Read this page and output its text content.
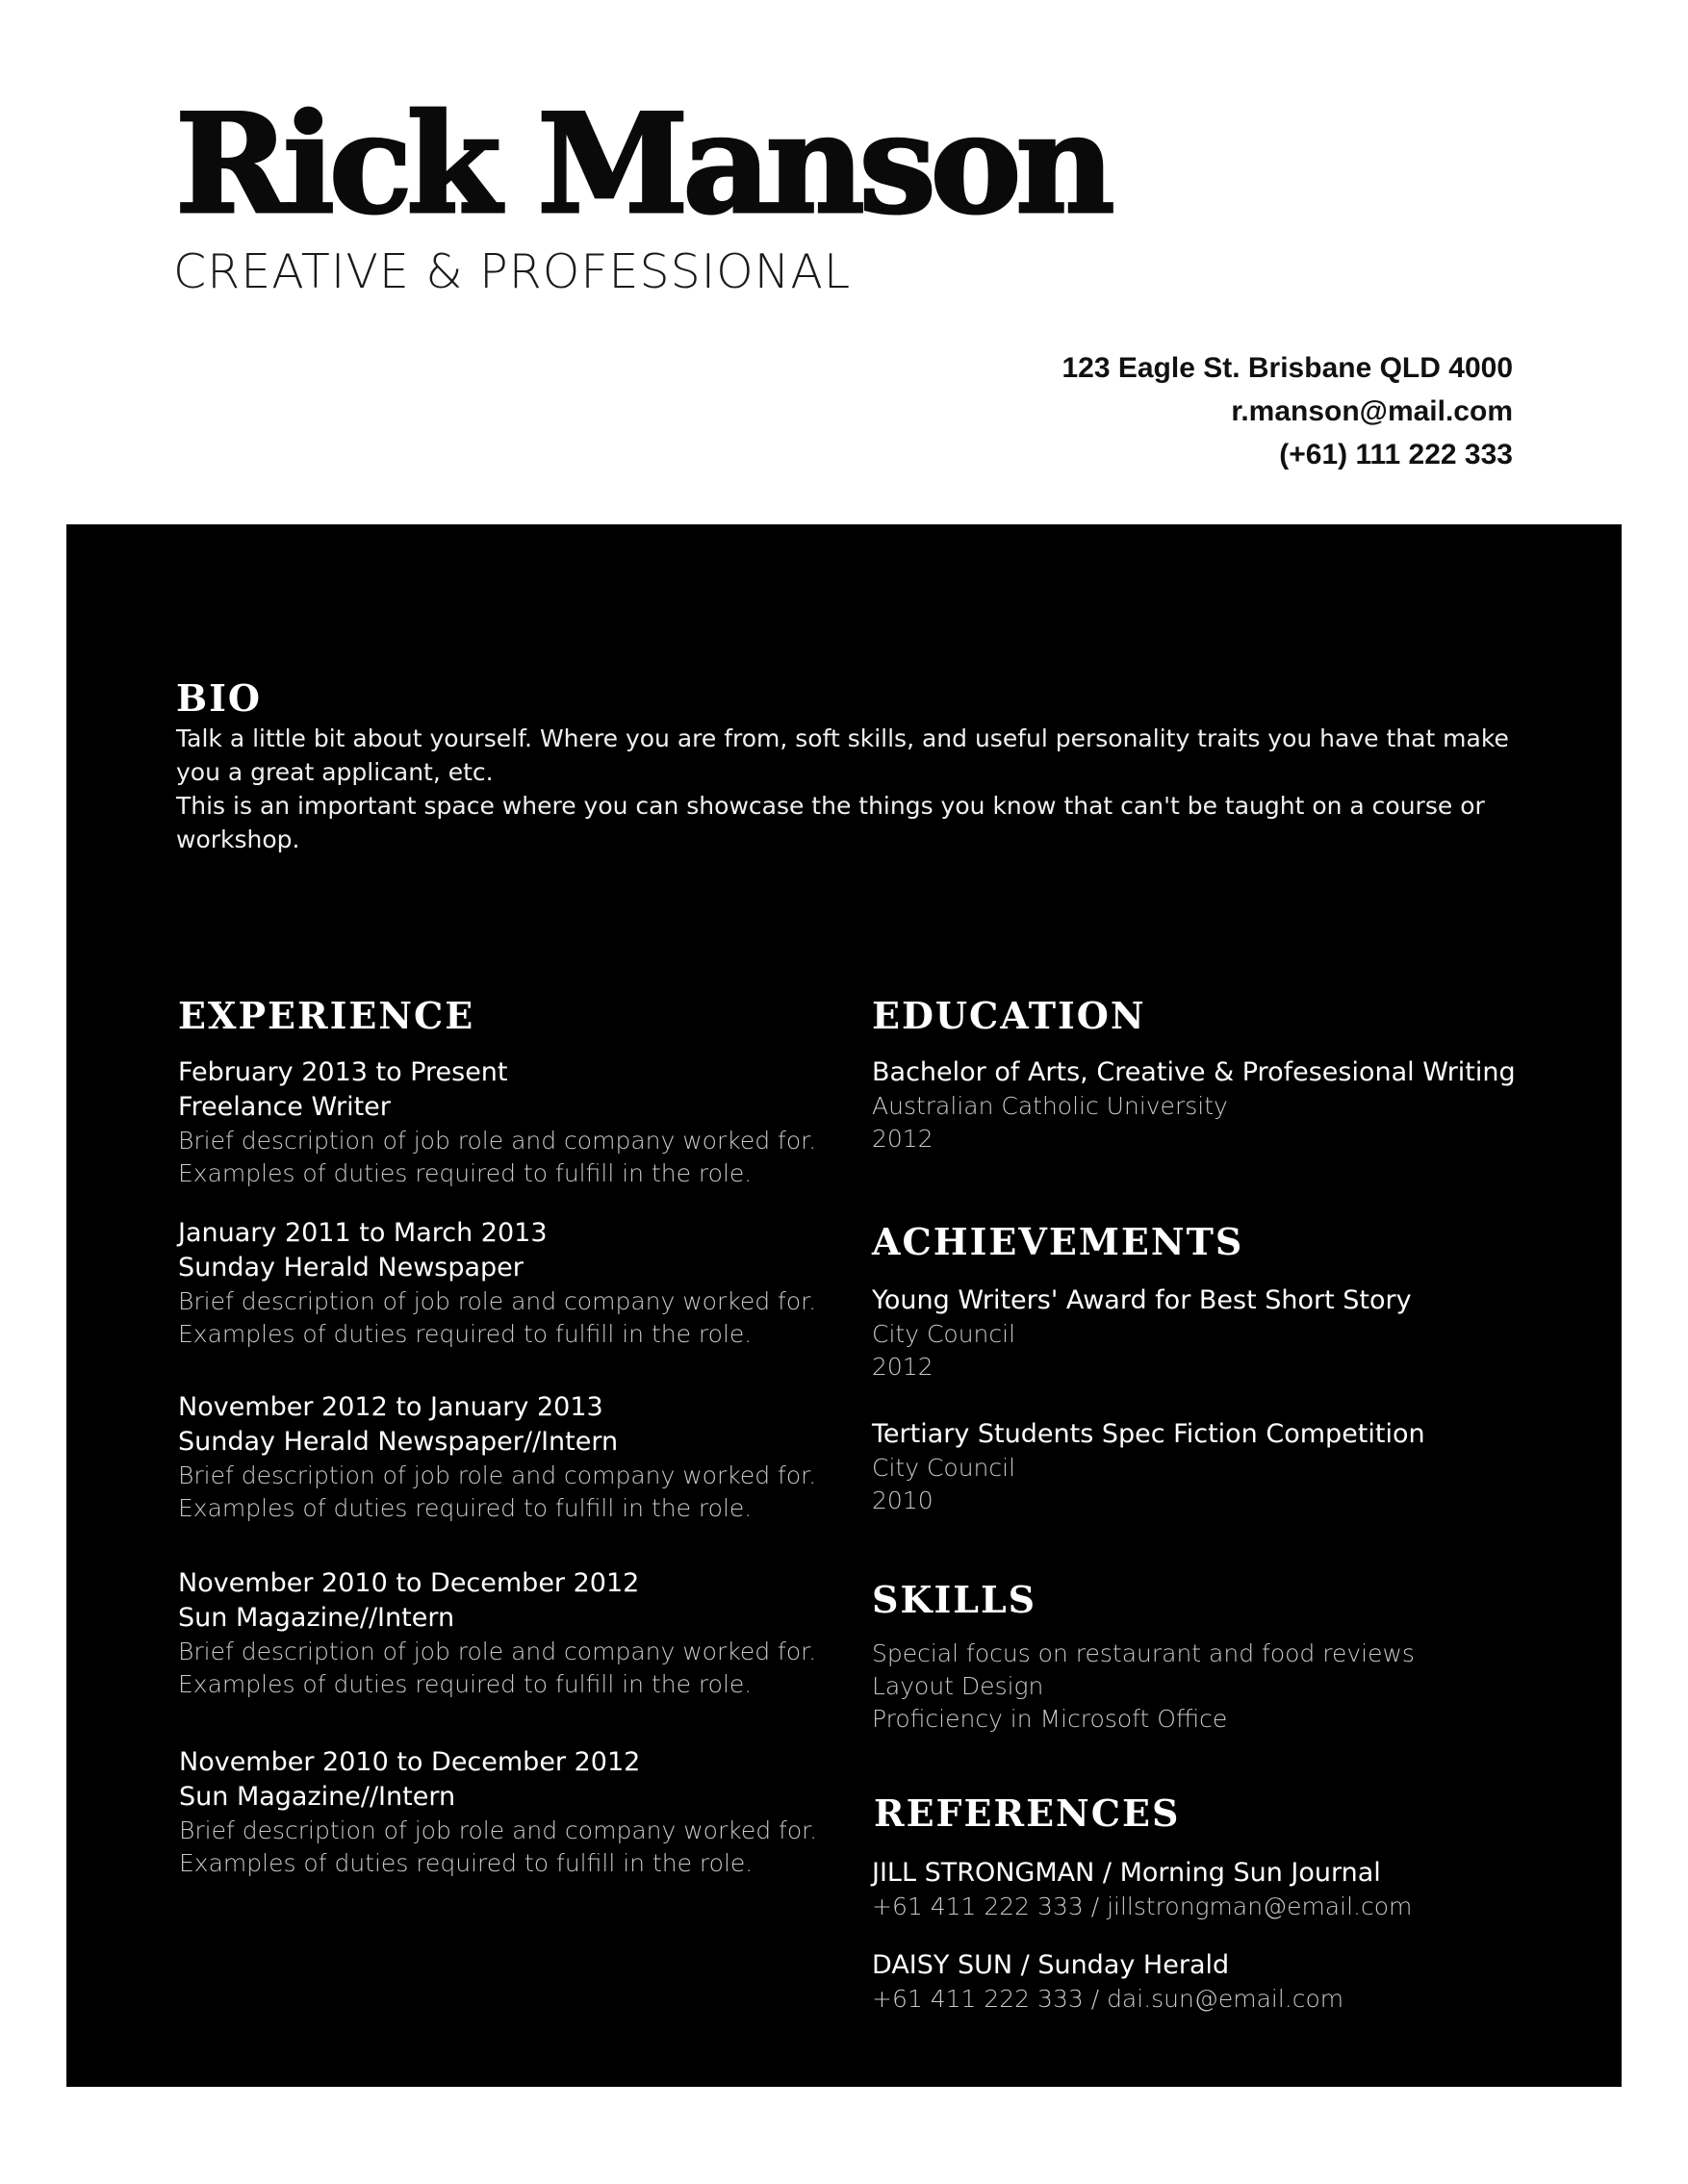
Rick Manson
CREATIVE & PROFESSIONAL
123 Eagle St. Brisbane QLD 4000
r.manson@mail.com
(+61) 111 222 333
BIO

Talk a little bit about yourself. Where you are from, soft skills, and useful personality traits you have that make you a great applicant, etc.

This is an important space where you can showcase the things you know that can't be taught on a course or workshop.

EXPERIENCE
February 2013 to Present
Freelance Writer
Brief description of job role and company worked for.
Examples of duties required to fulfill in the role.
January 2011 to March 2013
Sunday Herald Newspaper
Brief description of job role and company worked for.
Examples of duties required to fulfill in the role.
November 2012 to January 2013
Sunday Herald Newspaper//Intern
Brief description of job role and company worked for.
Examples of duties required to fulfill in the role.
November 2010 to December 2012
Sun Magazine//Intern
Brief description of job role and company worked for.
Examples of duties required to fulfill in the role.
November 2010 to December 2012
Sun Magazine//Intern
Brief description of job role and company worked for.
Examples of duties required to fulfill in the role.
EDUCATION
Bachelor of Arts, Creative & Profesesional Writing
Australian Catholic University
2012
ACHIEVEMENTS
Young Writers' Award for Best Short Story
City Council
2012
Tertiary Students Spec Fiction Competition
City Council
2010
SKILLS
Special focus on restaurant and food reviews
Layout Design
Proficiency in Microsoft Office
REFERENCES
JILL STRONGMAN / Morning Sun Journal
+61 411 222 333 / jillstrongman@email.com
DAISY SUN / Sunday Herald
+61 411 222 333 / dai.sun@email.com
